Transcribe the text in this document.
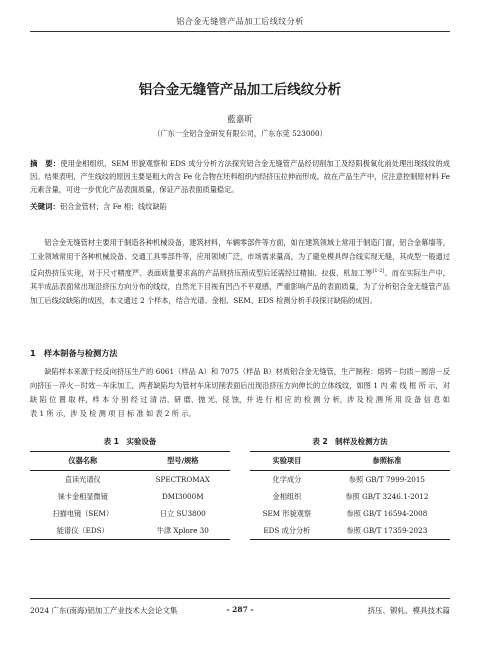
铝合金无缝管产品加工后线纹分析
铝合金无缝管产品加工后线纹分析
藍嘉昕
（广东一全铝合金研发有限公司，广东东莞 523000）
摘　要：使用金相组织、SEM 形貌观察和 EDS 成分分析方法探究铝合金无缝管产品经切削加工及经阳极氧化前处理出现线纹的成因。结果表明，产生线纹的原因主要是粗大的含 Fe 化合物在坯料组织内经挤压拉伸而形成。故在产品生产中，应注意控制原材料 Fe 元素含量，可进一步优化产品表面质量，保证产品表面质量稳定。
关键词：铝合金管材；含 Fe 相；线纹缺陷
铝合金无缝管材主要用于制造各种机械设备，建筑材料，车辆零部件等方面，如在建筑领域上常用于制造门窗，铝合金幕墙等，工业领域常用于各种机械设备、交通工具零部件等，应用领域广泛，市场需求量高，为了避免模具焊合线实现无缝，其成型一般通过反向热挤压实现，对于尺寸精度严、表面质量要求高的产品则挤压预成型后还需经过精抽、拉拔、机加工等[1-2]。而在实际生产中，其半成品表面常出现沿挤压方向分布的线纹，自然光下目视有凹凸不平观感，严重影响产品的表面质量，为了分析铝合金无缝管产品加工后线纹缺陷的成因，本文通过 2 个样本，结合光谱、金相、SEM、EDS 检测分析手段探讨缺陷的成因。
1　样本制备与检测方法
缺陷样本来源于经反向挤压生产的 6061（样品 A）和 7075（样品 B）材质铝合金无缝管，生产制程：熔铸－均质－圆溶－反向挤压－淬火－时效－车床加工，两者缺陷均为管材车床切削表面后出现沿挤压方向伸长的立体线纹，如图 1 内 索 线 框 所 示，对 缺 陷 位 置 取 样，样 本 分 别 经 过 清 洁、研 磨、抛 光、侵 蚀，并 进 行 相 应 的 检 测 分 析，涉 及 检 测 所 用 设 备 信 息 如 表 1 所 示，涉 及 检 测 项 目 标 准 如 表 2 所 示。
表 1　实验设备
仪器名称	型号/规格
直读光谱仪	SPECTROMAX
徕卡金相显微镜	DMI3000M
扫描电镜（SEM）	日立 SU3800
能谱仪（EDS）	牛津 Xplore 30
表 2　制样及检测方法
实验项目	参照标准
化学成分	参照 GB/T 7999-2015
金相组织	参照 GB/T 3246.1-2012
SEM 形貌观察	参照 GB/T 16594-2008
EDS 成分分析	参照 GB/T 17359-2023
2024 广东(南海)铝加工产业技术大会论文集	- 287 -	挤压、锻轧、模具技术篇
